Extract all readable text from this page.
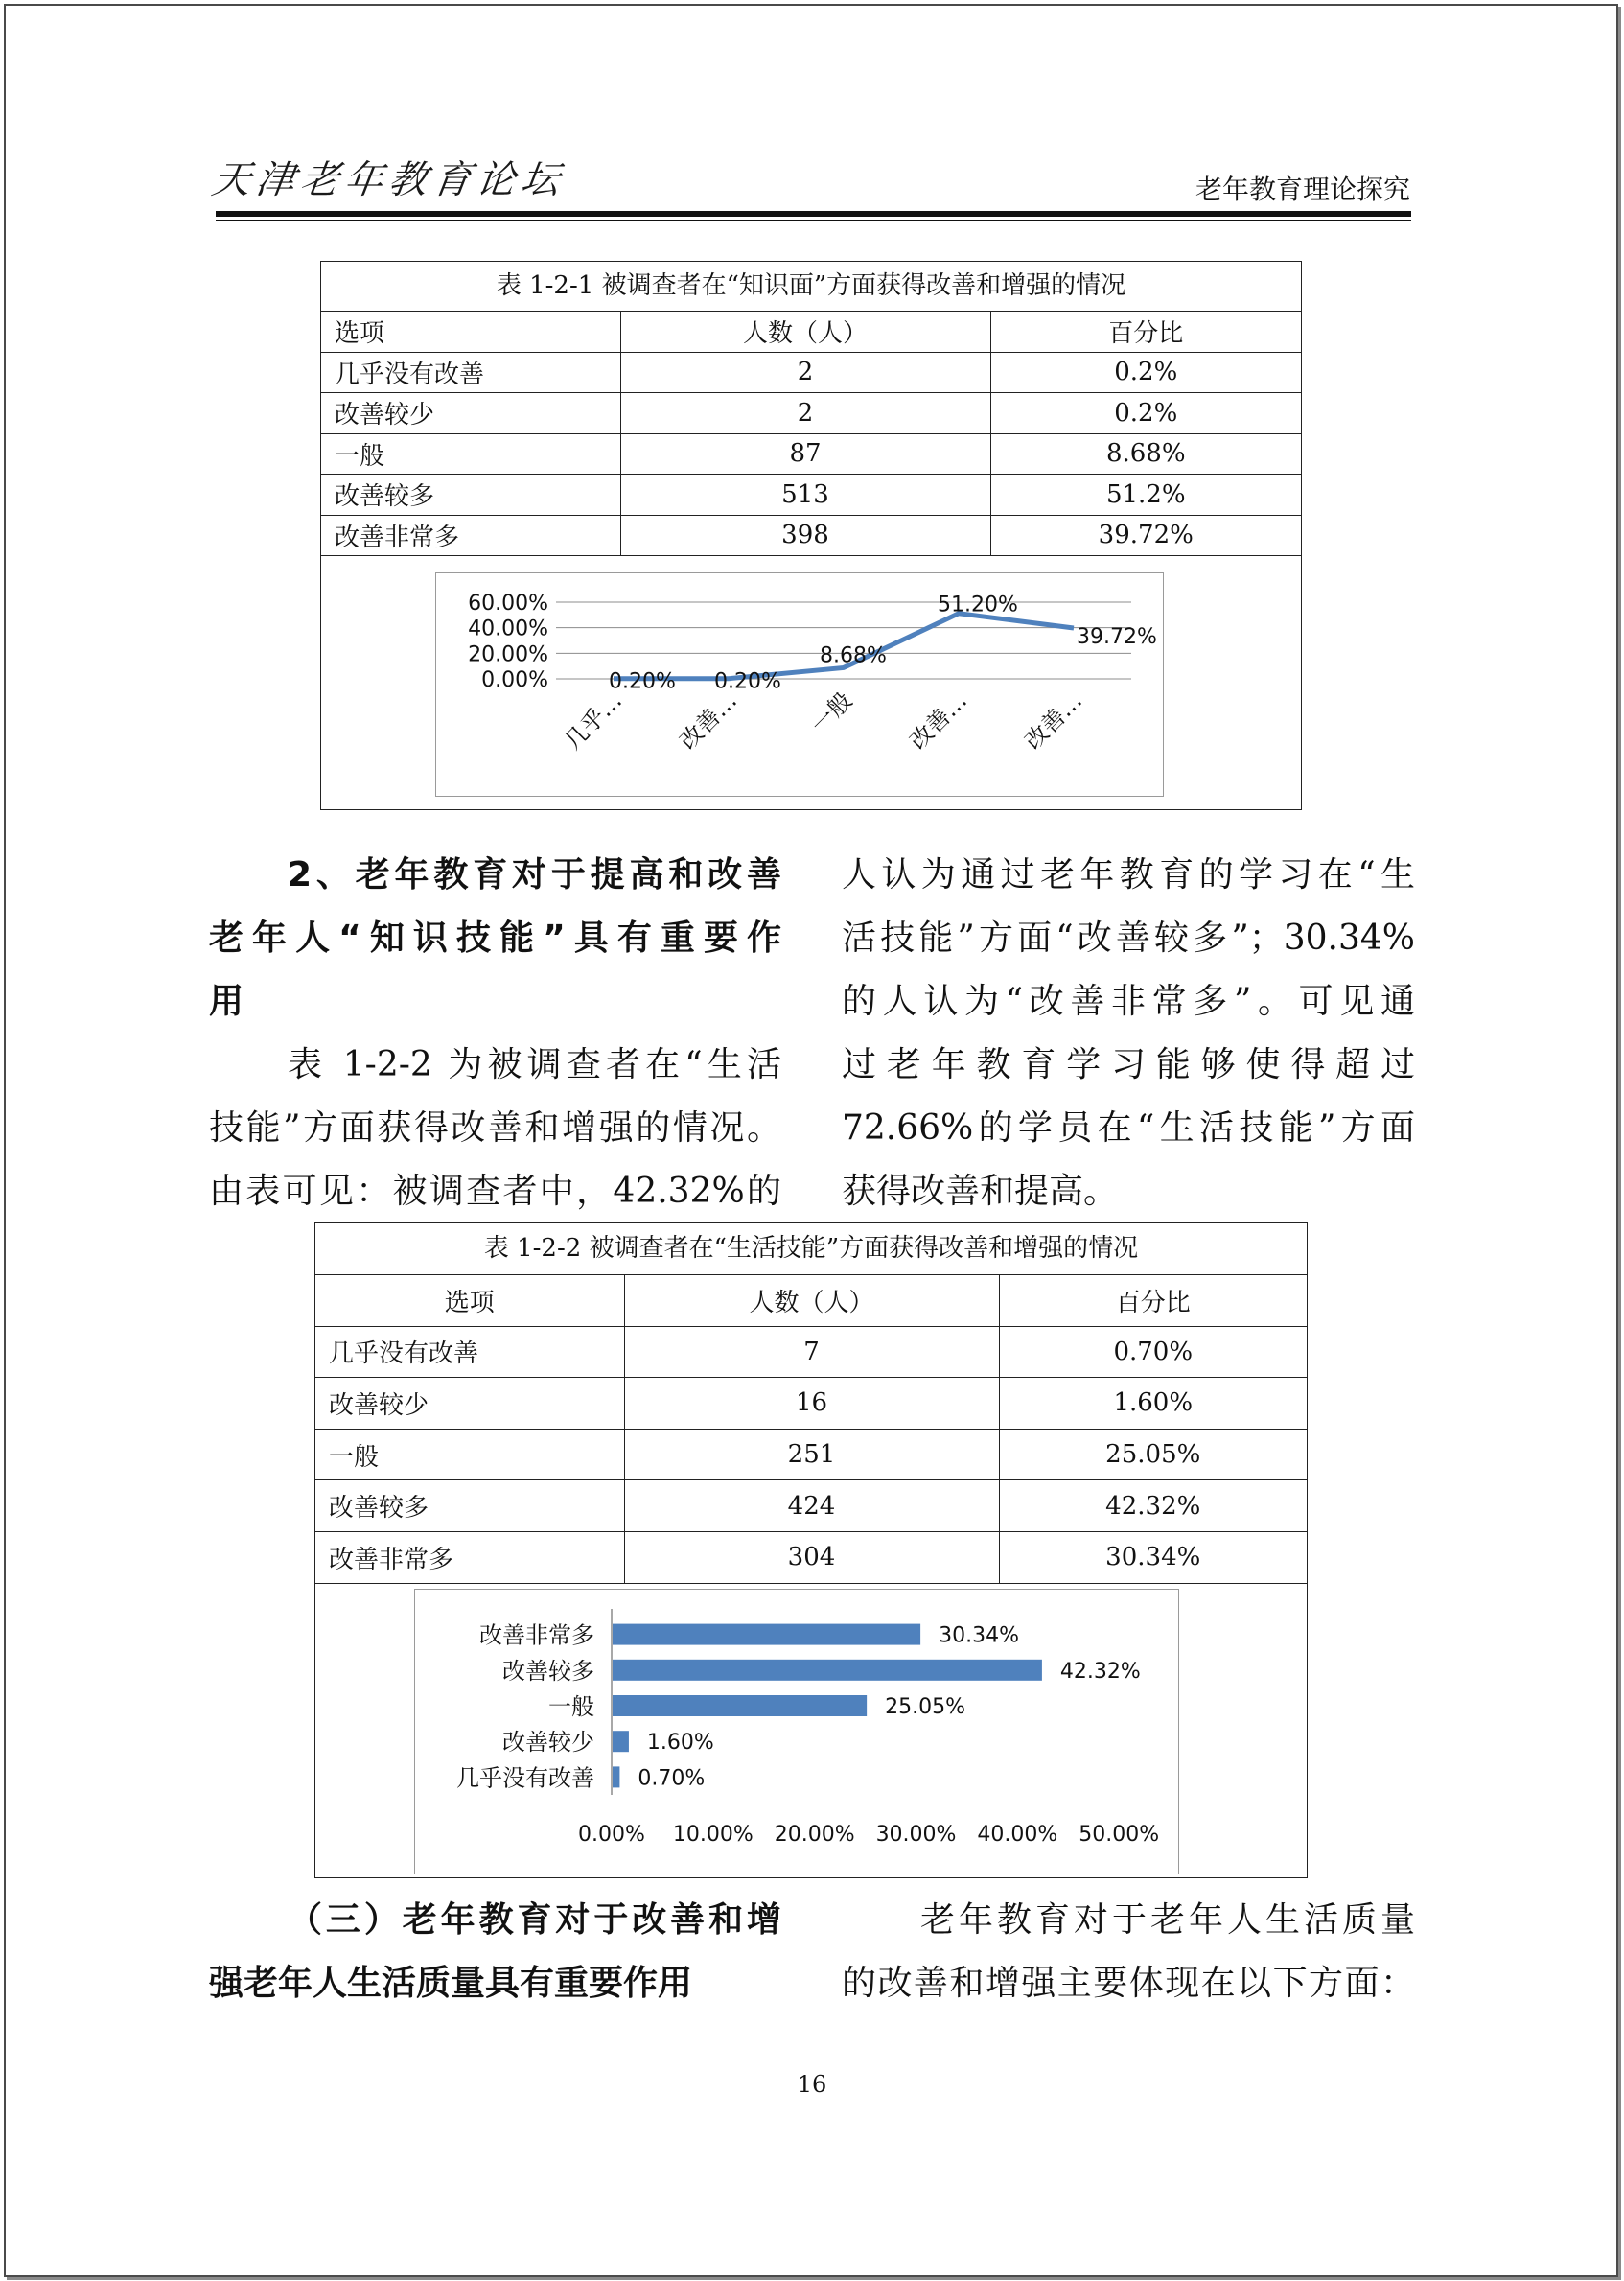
天津老年教育论坛	老年教育理论探究
表 1-2-1 被调查者在“知识面”方面获得改善和增强的情况
选项	人数（人）	百分比
几乎没有改善	2	0.2%
改善较少	2	0.2%
一般	87	8.68%
改善较多	513	51.2%
改善非常多	398	39.72%
60.00%
40.00%
20.00%
0.00%	0.20% 0.20%
8.68%
51.20%
39.72%
几乎… 改善…	一般 改善… 改善…
2、老年教育对于提高和改善
老年人“知识技能”具有重要作
用
表 1-2-2 为被调查者在“生活
技能”方面获得改善和增强的情况。
由表可见：被调查者中，42.32%的
人认为通过老年教育的学习在“生
活技能”方面“改善较多”；30.34%
的人认为“改善非常多”。可见通
过老年教育学习能够使得超过
72.66%的学员在“生活技能”方面
获得改善和提高。
表 1-2-2 被调查者在“生活技能”方面获得改善和增强的情况
选项	人数（人）	百分比
几乎没有改善	7	0.70%
改善较少	16	1.60%
一般	251	25.05%
改善较多	424	42.32%
改善非常多	304	30.34%
改善非常多	30.34%
改善较多	42.32%
一般	25.05%
改善较少 1.60%
几乎没有改善 0.70%
0.00% 10.00% 20.00% 30.00% 40.00% 50.00%
（三）老年教育对于改善和增
强老年人生活质量具有重要作用
老年教育对于老年人生活质量
的改善和增强主要体现在以下方面：
16
